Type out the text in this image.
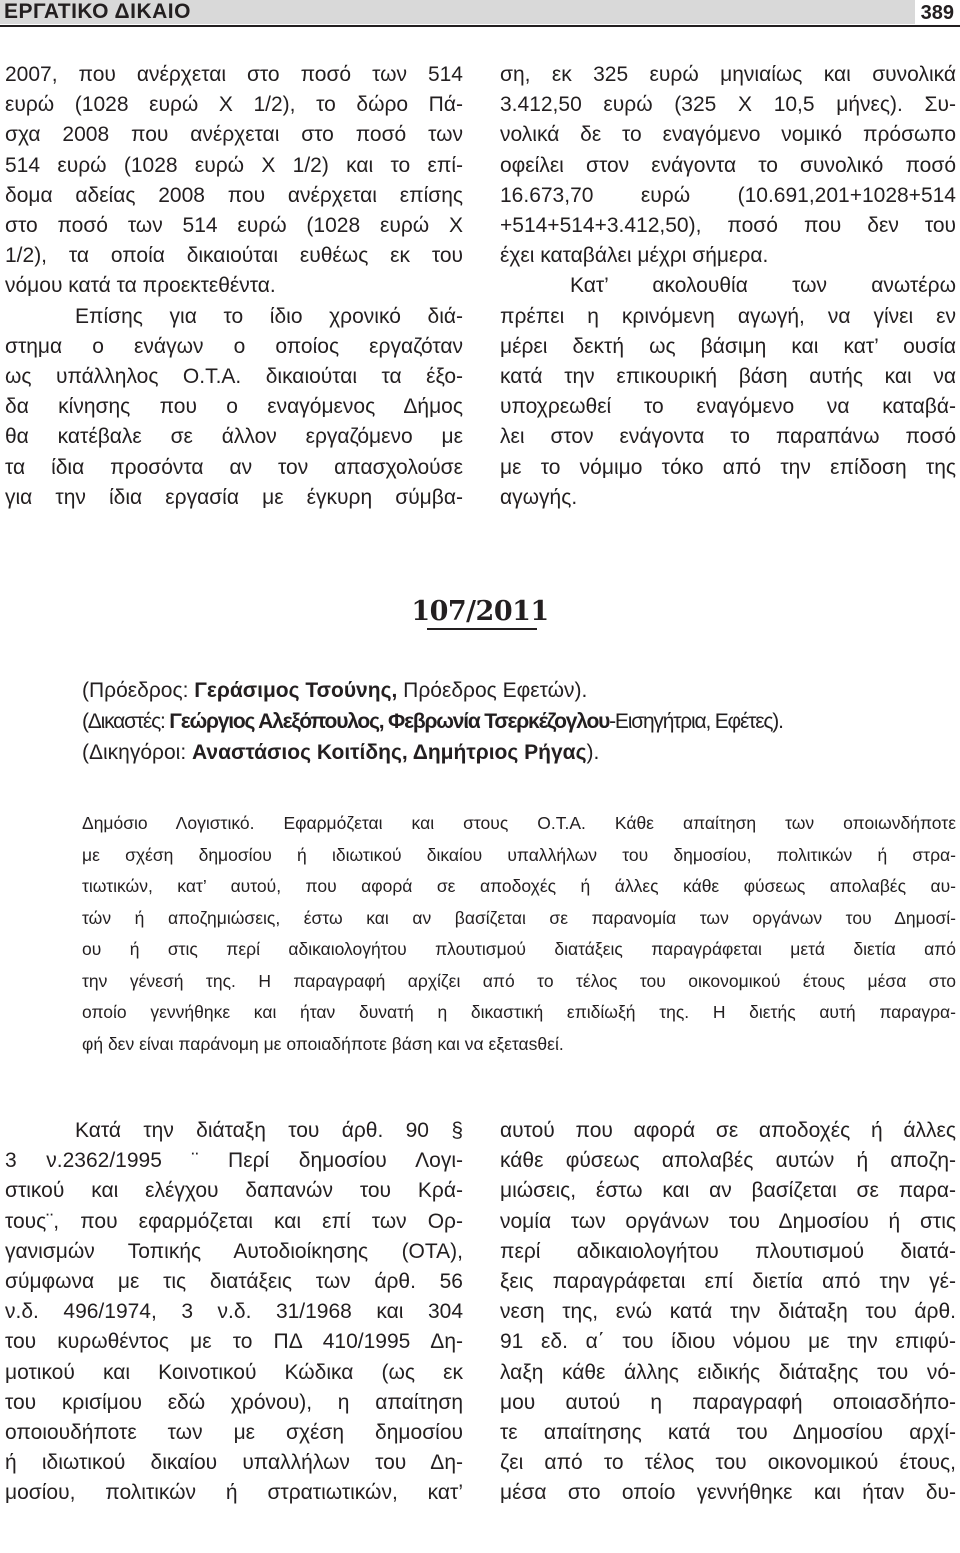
ΕΡΓΑΤΙΚΟ ΔΙΚΑΙΟ	389

2007, που ανέρχεται στο ποσό των 514

ευρώ (1028 ευρώ Χ 1/2), το δώρο Πά-

σχα 2008 που ανέρχεται στο ποσό των

514 ευρώ (1028 ευρώ Χ 1/2) και το επί-

δομα αδείας 2008 που ανέρχεται επίσης

στο ποσό των 514 ευρώ (1028 ευρώ Χ

1/2), τα οποία δικαιούται ευθέως εκ του

νόμου κατά τα προεκτεθέντα.

Επίσης για το ίδιο χρονικό διά-

στημα ο ενάγων ο οποίος εργαζόταν

ως υπάλληλος Ο.Τ.Α. δικαιούται τα έξο-

δα κίνησης που ο εναγόμενος Δήμος

θα κατέβαλε σε άλλον εργαζόμενο με

τα ίδια προσόντα αν τον απασχολούσε

για την ίδια εργασία με έγκυρη σύμβα-

ση, εκ 325 ευρώ μηνιαίως και συνολικά

3.412,50 ευρώ (325 Χ 10,5 μήνες). Συ-

νολικά δε το εναγόμενο νομικό πρόσωπο

οφείλει στον ενάγοντα το συνολικό ποσό

16.673,70 ευρώ (10.691,201+1028+514

+514+514+3.412,50), ποσό που δεν του

έχει καταβάλει μέχρι σήμερα.

Κατ’ ακολουθία των ανωτέρω

πρέπει η κρινόμενη αγωγή, να γίνει εν

μέρει δεκτή ως βάσιμη και κατ’ ουσία

κατά την επικουρική βάση αυτής και να

υποχρεωθεί το εναγόμενο να καταβά-

λει στον ενάγοντα το παραπάνω ποσό

με το νόμιμο τόκο από την επίδοση της

αγωγής.

107/2011
(Πρόεδρος: Γεράσιμος Τσούνης, Πρόεδρος Εφετών).
(Δικαστές: Γεώργιος Αλεξόπουλος, Φεβρωνία Τσερκέζογλου-Εισηγήτρια, Εφέτες).
(Δικηγόροι: Αναστάσιος Κοιτίδης, Δημήτριος Ρήγας).

Δημόσιο Λογιστικό. Εφαρμόζεται και στους Ο.Τ.Α. Κάθε απαίτηση των οποιωνδήποτε

με σχέση δημοσίου ή ιδιωτικού δικαίου υπαλλήλων του δημοσίου, πολιτικών ή στρα-

τιωτικών, κατ’ αυτού, που αφορά σε αποδοχές ή άλλες κάθε φύσεως απολαβές αυ-

τών ή αποζημιώσεις, έστω και αν βασίζεται σε παρανομία των οργάνων του Δημοσί-

ου ή στις περί αδικαιολογήτου πλουτισμού διατάξεις παραγράφεται μετά διετία από

την γένεσή της. Η παραγραφή αρχίζει από το τέλος του οικονομικού έτους μέσα στο

οποίο γεννήθηκε και ήταν δυνατή η δικαστική επιδίωξή της. Η διετής αυτή παραγρα-

φή δεν είναι παράνομη με οποιαδήποτε βάση και να εξεταsθεί.

Κατά την διάταξη του άρθ. 90 §

3 ν.2362/1995 ¨ Περί δημοσίου Λογι-

στικού και ελέγχου δαπανών του Κρά-

τους¨, που εφαρμόζεται και επί των Ορ-

γανισμών Τοπικής Αυτοδιοίκησης (ΟΤΑ),

σύμφωνα με τις διατάξεις των άρθ. 56

ν.δ. 496/1974, 3 ν.δ. 31/1968 και 304

του κυρωθέντος με το ΠΔ 410/1995 Δη-

μοτικού και Κοινοτικού Κώδικα (ως εκ

του κρισίμου εδώ χρόνου), η απαίτηση

οποιουδήποτε των με σχέση δημοσίου

ή ιδιωτικού δικαίου υπαλλήλων του Δη-

μοσίου, πολιτικών ή στρατιωτικών, κατ’

αυτού που αφορά σε αποδοχές ή άλλες

κάθε φύσεως απολαβές αυτών ή αποζη-

μιώσεις, έστω και αν βασίζεται σε παρα-

νομία των οργάνων του Δημοσίου ή στις

περί αδικαιολογήτου πλουτισμού διατά-

ξεις παραγράφεται επί διετία από την γέ-

νεση της, ενώ κατά την διάταξη του άρθ.

91 εδ. α΄ του ίδιου νόμου με την επιφύ-

λαξη κάθε άλλης ειδικής διάταξης του νό-

μου αυτού η παραγραφή οποιασδήπο-

τε απαίτησης κατά του Δημοσίου αρχί-

ζει από το τέλος του οικονομικού έτους,

μέσα στο οποίο γεννήθηκε και ήταν δυ-
